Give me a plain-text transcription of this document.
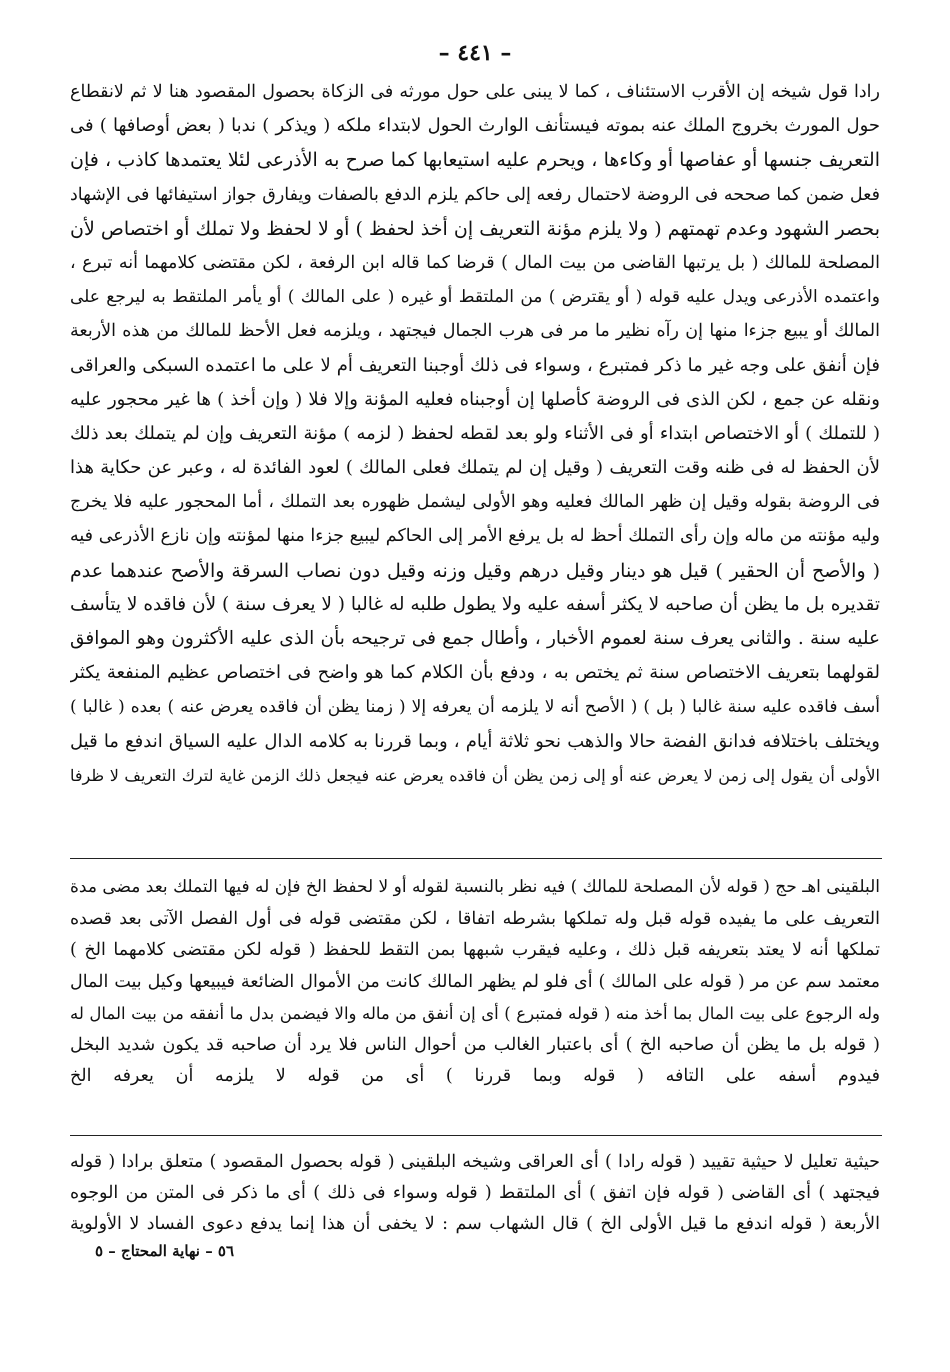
– ٤٤١ –
رادا قول شيخه إن الأقرب الاستئناف ، كما لا يبنى على حول مورثه فى الزكاة بحصول المقصود هنا لا ثم لانقطاع
حول المورث بخروج الملك عنه بموته فيستأنف الوارث الحول لابتداء ملكه ( ويذكر ) ندبا ( بعض أوصافها ) فى
التعريف جنسها أو عفاصها أو وكاءها ، ويحرم عليه استيعابها كما صرح به الأذرعى لئلا يعتمدها كاذب ، فإن
فعل ضمن كما صححه فى الروضة لاحتمال رفعه إلى حاكم يلزم الدفع بالصفات ويفارق جواز استيفائها فى الإشهاد
بحصر الشهود وعدم تهمتهم ( ولا يلزم مؤنة التعريف إن أخذ لحفظ ) أو لا لحفظ ولا تملك أو اختصاص لأن
المصلحة للمالك ( بل يرتبها القاضى من بيت المال ) قرضا كما قاله ابن الرفعة ، لكن مقتضى كلامهما أنه تبرع ،
واعتمده الأذرعى ويدل عليه قوله ( أو يقترض ) من الملتقط أو غيره ( على المالك ) أو يأمر الملتقط به ليرجع على
المالك أو يبيع جزءا منها إن رآه نظير ما مر فى هرب الجمال فيجتهد ، ويلزمه فعل الأحظ للمالك من هذه الأربعة
فإن أنفق على وجه غير ما ذكر فمتبرع ، وسواء فى ذلك أوجبنا التعريف أم لا على ما اعتمده السبكى والعراقى
ونقله عن جمع ، لكن الذى فى الروضة كأصلها إن أوجبناه فعليه المؤنة وإلا فلا ( وإن أخذ ) ها غير محجور عليه
( للتملك ) أو الاختصاص ابتداء أو فى الأثناء ولو بعد لقطه لحفظ ( لزمه ) مؤنة التعريف وإن لم يتملك بعد ذلك
لأن الحفظ له فى ظنه وقت التعريف ( وقيل إن لم يتملك فعلى المالك ) لعود الفائدة له ، وعبر عن حكاية هذا
فى الروضة بقوله وقيل إن ظهر المالك فعليه وهو الأولى ليشمل ظهوره بعد التملك ، أما المحجور عليه فلا يخرج
وليه مؤنته من ماله وإن رأى التملك أحظ له بل يرفع الأمر إلى الحاكم ليبيع جزءا منها لمؤنته وإن نازع الأذرعى فيه
( والأصح أن الحقير ) قيل هو دينار وقيل درهم وقيل وزنه وقيل دون نصاب السرقة والأصح عندهما عدم
تقديره بل ما يظن أن صاحبه لا يكثر أسفه عليه ولا يطول طلبه له غالبا ( لا يعرف سنة ) لأن فاقده لا يتأسف
عليه سنة . والثانى يعرف سنة لعموم الأخبار ، وأطال جمع فى ترجيحه بأن الذى عليه الأكثرون وهو الموافق
لقولهما بتعريف الاختصاص سنة ثم يختص به ، ودفع بأن الكلام كما هو واضح فى اختصاص عظيم المنفعة يكثر
أسف فاقده عليه سنة غالبا ( بل ) ( الأصح أنه لا يلزمه أن يعرفه إلا ( زمنا يظن أن فاقده يعرض عنه ) بعده ( غالبا )
ويختلف باختلافه فدانق الفضة حالا والذهب نحو ثلاثة أيام ، وبما قررنا به كلامه الدال عليه السياق اندفع ما قيل
الأولى أن يقول إلى زمن لا يعرض عنه أو إلى زمن يظن أن فاقده يعرض عنه فيجعل ذلك الزمن غاية لترك التعريف لا ظرفا
البلقينى اهـ حج ( قوله لأن المصلحة للمالك ) فيه نظر بالنسبة لقوله أو لا لحفظ الخ فإن له فيها التملك بعد مضى مدة
التعريف على ما يفيده قوله قبل وله تملكها بشرطه اتفاقا ، لكن مقتضى قوله فى أول الفصل الآتى بعد قصده
تملكها أنه لا يعتد بتعريفه قبل ذلك ، وعليه فيقرب شبهها بمن التقط للحفظ ( قوله لكن مقتضى كلامهما الخ )
معتمد سم عن مر ( قوله على المالك ) أى فلو لم يظهر المالك كانت من الأموال الضائعة فيبيعها وكيل بيت المال
وله الرجوع على بيت المال بما أخذ منه ( قوله فمتبرع ) أى إن أنفق من ماله والا فيضمن بدل ما أنفقه من بيت المال له
( قوله بل ما يظن أن صاحبه الخ ) أى باعتبار الغالب من أحوال الناس فلا يرد أن صاحبه قد يكون شديد البخل
فيدوم أسفه على التافه ( قوله وبما قررنا ) أى من قوله لا يلزمه أن يعرفه الخ
حيثية تعليل لا حيثية تقييد ( قوله رادا ) أى العراقى وشيخه البلقينى ( قوله بحصول المقصود ) متعلق برادا ( قوله
فيجتهد ) أى القاضى ( قوله فإن اتفق ) أى الملتقط ( قوله وسواء فى ذلك ) أى ما ذكر فى المتن من الوجوه
الأربعة ( قوله اندفع ما قيل الأولى الخ ) قال الشهاب سم : لا يخفى أن هذا إنما يدفع دعوى الفساد لا الأولوية
٥٦ – نهاية المحتاج – ٥
